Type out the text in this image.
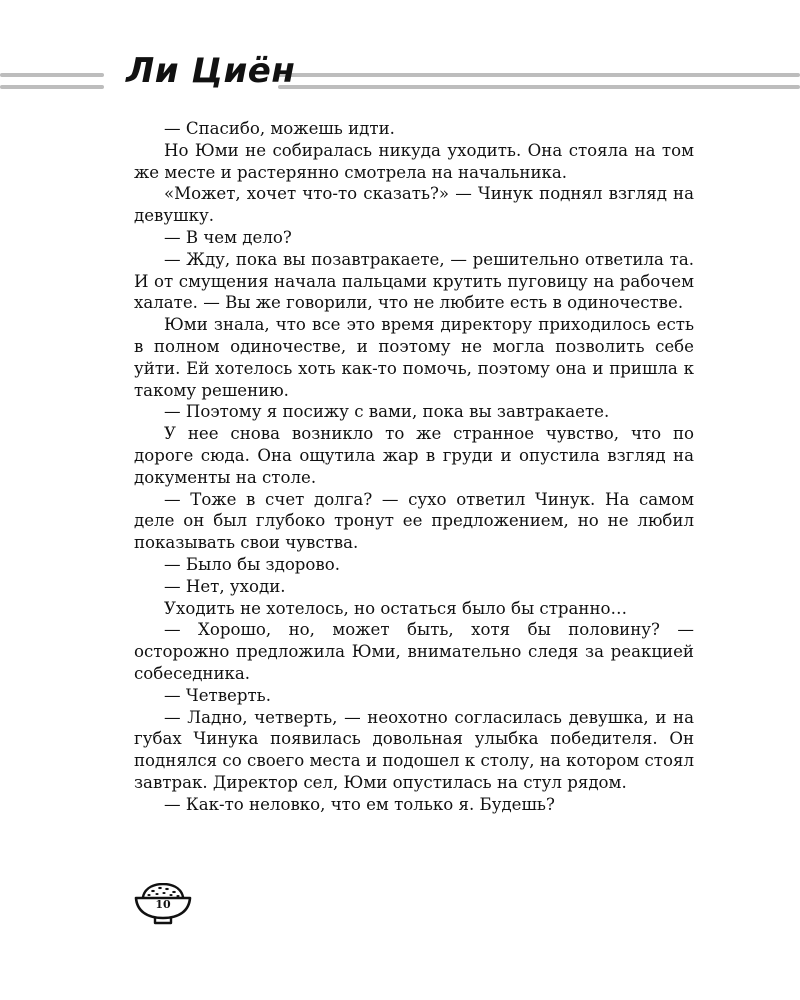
Ли Циён

— Спасибо, можешь идти.

Но Юми не собиралась никуда уходить. Она стояла на том же месте и растерянно смотрела на начальника.

«Может, хочет что-то сказать?» — Чинук поднял взгляд на девушку.

— В чем дело?

— Жду, пока вы позавтракаете, — решительно ответила та. И от смущения начала пальцами крутить пуговицу на рабочем халате. — Вы же говорили, что не любите есть в одиночестве.

Юми знала, что все это время директору приходилось есть в полном одиночестве, и поэтому не могла позволить себе уйти. Ей хотелось хоть как-то помочь, поэтому она и пришла к такому решению.

— Поэтому я посижу с вами, пока вы завтракаете.

У нее снова возникло то же странное чувство, что по дороге сюда. Она ощутила жар в груди и опустила взгляд на документы на столе.

— Тоже в счет долга? — сухо ответил Чинук. На самом деле он был глубоко тронут ее предложением, но не любил показывать свои чувства.

— Было бы здорово.

— Нет, уходи.

Уходить не хотелось, но остаться было бы странно…

— Хорошо, но, может быть, хотя бы половину? — осторожно предложила Юми, внимательно следя за реакцией собеседника.

— Четверть.

— Ладно, четверть, — неохотно согласилась девушка, и на губах Чинука появилась довольная улыбка победителя. Он поднялся со своего места и подошел к столу, на котором стоял завтрак. Директор сел, Юми опустилась на стул рядом.

— Как-то неловко, что ем только я. Будешь?

10
